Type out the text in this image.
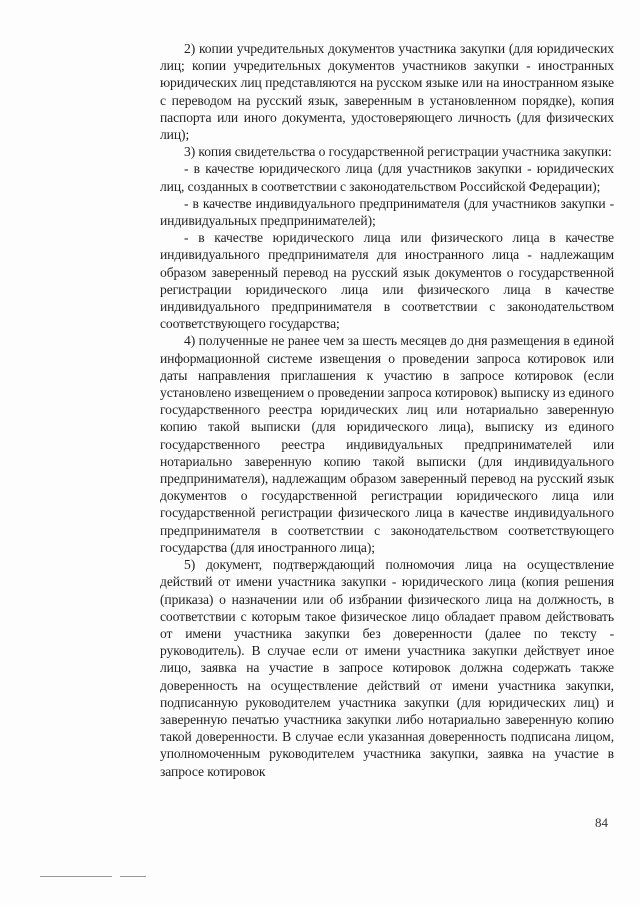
2) копии учредительных документов участника закупки (для юридических лиц; копии учредительных документов участников закупки - иностранных юридических лиц представляются на русском языке или на иностранном языке с переводом на русский язык, заверенным в установленном порядке), копия паспорта или иного документа, удостоверяющего личность (для физических лиц);

3) копия свидетельства о государственной регистрации участника закупки:

- в качестве юридического лица (для участников закупки - юридических лиц, созданных в соответствии с законодательством Российской Федерации);

- в качестве индивидуального предпринимателя (для участников закупки - индивидуальных предпринимателей);

- в качестве юридического лица или физического лица в качестве индивидуального предпринимателя для иностранного лица - надлежащим образом заверенный перевод на русский язык документов о государственной регистрации юридического лица или физического лица в качестве индивидуального предпринимателя в соответствии с законодательством соответствующего государства;

4) полученные не ранее чем за шесть месяцев до дня размещения в единой информационной системе извещения о проведении запроса котировок или даты направления приглашения к участию в запросе котировок (если установлено извещением о проведении запроса котировок) выписку из единого государственного реестра юридических лиц или нотариально заверенную копию такой выписки (для юридического лица), выписку из единого государственного реестра индивидуальных предпринимателей или нотариально заверенную копию такой выписки (для индивидуального предпринимателя), надлежащим образом заверенный перевод на русский язык документов о государственной регистрации юридического лица или государственной регистрации физического лица в качестве индивидуального предпринимателя в соответствии с законодательством соответствующего государства (для иностранного лица);

5) документ, подтверждающий полномочия лица на осуществление действий от имени участника закупки - юридического лица (копия решения (приказа) о назначении или об избрании физического лица на должность, в соответствии с которым такое физическое лицо обладает правом действовать от имени участника закупки без доверенности (далее по тексту - руководитель). В случае если от имени участника закупки действует иное лицо, заявка на участие в запросе котировок должна содержать также доверенность на осуществление действий от имени участника закупки, подписанную руководителем участника закупки (для юридических лиц) и заверенную печатью участника закупки либо нотариально заверенную копию такой доверенности. В случае если указанная доверенность подписана лицом, уполномоченным руководителем участника закупки, заявка на участие в запросе котировок

84
